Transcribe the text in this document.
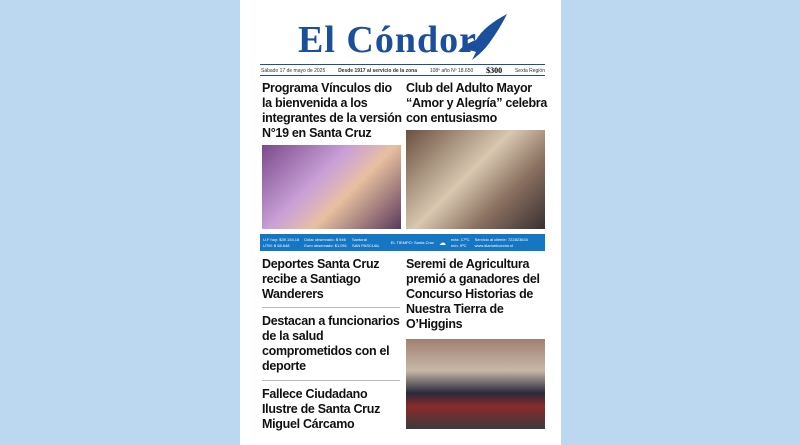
El Cóndor
Sábado 17 de mayo de 2025	Desde 1917 al servicio de la zona	108º año Nº 18.650 $300	Sexta Región
Programa Vínculos dio la bienvenida a los integrantes de la versión N°19 en Santa Cruz
Club del Adulto Mayor “Amor y Alegría” celebra con entusiasmo
U.F hoy: $39.154,18
UTM: $ 68.648
Dólar observado: $ 946
Euro observado: $1.051
Santoral
SAN PASCUAL
EL TIEMPO: Santa Cruz ☁
máx. 17ºC
mín. 9ºC
Servicio al cliente: 722823634
www.diarioelcondor.cl
Deportes Santa Cruz recibe a Santiago Wanderers
Destacan a funcionarios de la salud comprometidos con el deporte
Fallece Ciudadano Ilustre de Santa Cruz Miguel Cárcamo
Seremi de Agricultura premió a ganadores del Concurso Historias de Nuestra Tierra de O’Higgins
